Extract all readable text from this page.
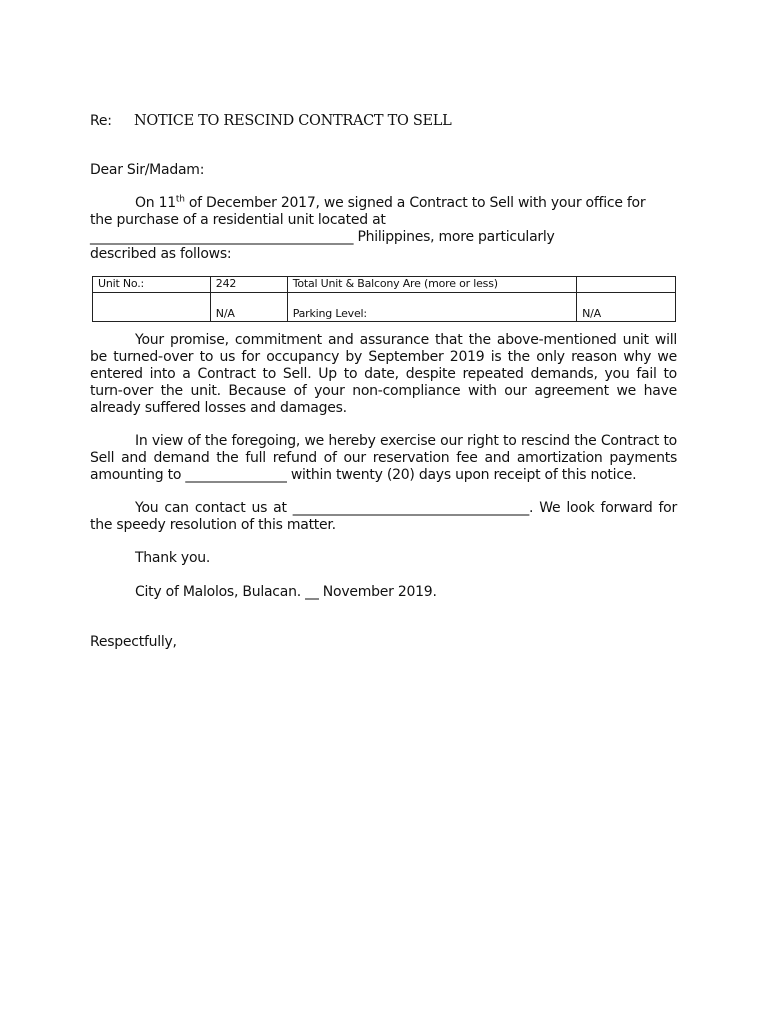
Re: NOTICE TO RESCIND CONTRACT TO SELL
Dear Sir/Madam:
On 11th of December 2017, we signed a Contract to Sell with your office for
the purchase of a residential unit located at
_______________________________________ Philippines, more particularly
described as follows:
Unit No.:	242	Total Unit & Balcony Are (more or less)	
	N/A	Parking Level:	N/A
Your promise, commitment and assurance that the above-mentioned unit will be turned-over to us for occupancy by September 2019 is the only reason why we entered into a Contract to Sell. Up to date, despite repeated demands, you fail to turn-over the unit. Because of your non-compliance with our agreement we have already suffered losses and damages.
In view of the foregoing, we hereby exercise our right to rescind the Contract to Sell and demand the full refund of our reservation fee and amortization payments amounting to _______________ within twenty (20) days upon receipt of this notice.
You can contact us at ___________________________________. We look forward for the speedy resolution of this matter.
Thank you.
City of Malolos, Bulacan. __ November 2019.
Respectfully,
